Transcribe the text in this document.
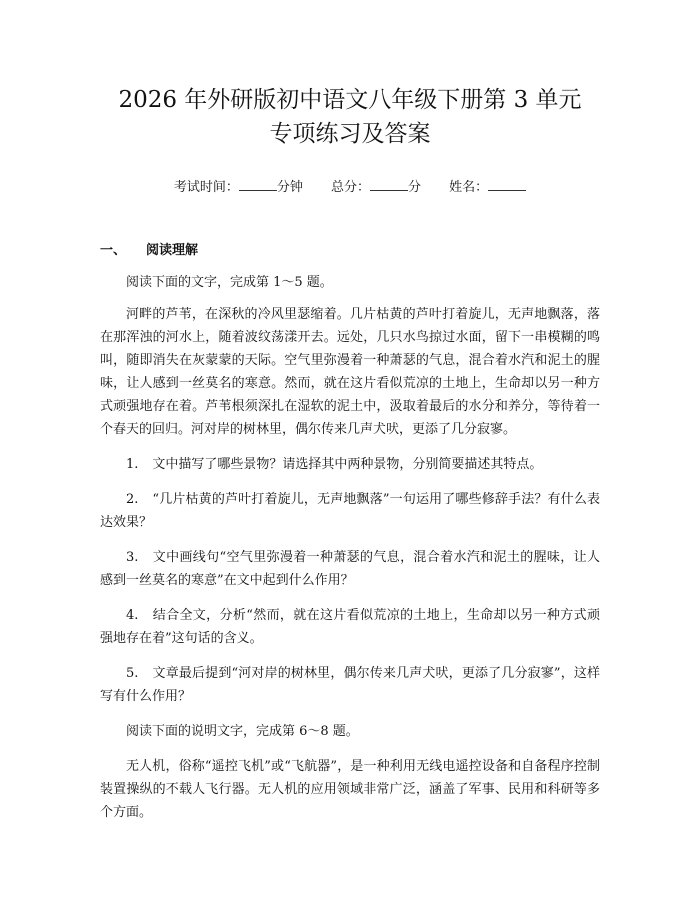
2026 年外研版初中语文八年级下册第 3 单元
专项练习及答案
考试时间：	分钟 总分：	分 姓名：
一、 阅读理解

阅读下面的文字，完成第 1～5 题。

河畔的芦苇，在深秋的冷风里瑟缩着。几片枯黄的芦叶打着旋儿，无声地飘落，落在那浑浊的河水上，随着波纹荡漾开去。远处，几只水鸟掠过水面，留下一串模糊的鸣叫，随即消失在灰蒙蒙的天际。空气里弥漫着一种萧瑟的气息，混合着水汽和泥土的腥味，让人感到一丝莫名的寒意。然而，就在这片看似荒凉的土地上，生命却以另一种方式顽强地存在着。芦苇根须深扎在湿软的泥土中，汲取着最后的水分和养分，等待着一个春天的回归。河对岸的树林里，偶尔传来几声犬吠，更添了几分寂寥。

1. 文中描写了哪些景物？请选择其中两种景物，分别简要描述其特点。

2. “几片枯黄的芦叶打着旋儿，无声地飘落”一句运用了哪些修辞手法？有什么表达效果？

3. 文中画线句“空气里弥漫着一种萧瑟的气息，混合着水汽和泥土的腥味，让人感到一丝莫名的寒意”在文中起到什么作用？

4. 结合全文，分析“然而，就在这片看似荒凉的土地上，生命却以另一种方式顽强地存在着”这句话的含义。

5. 文章最后提到“河对岸的树林里，偶尔传来几声犬吠，更添了几分寂寥”，这样写有什么作用？

阅读下面的说明文字，完成第 6～8 题。

无人机，俗称“遥控飞机”或“飞航器”，是一种利用无线电遥控设备和自备程序控制装置操纵的不载人飞行器。无人机的应用领域非常广泛，涵盖了军事、民用和科研等多个方面。
